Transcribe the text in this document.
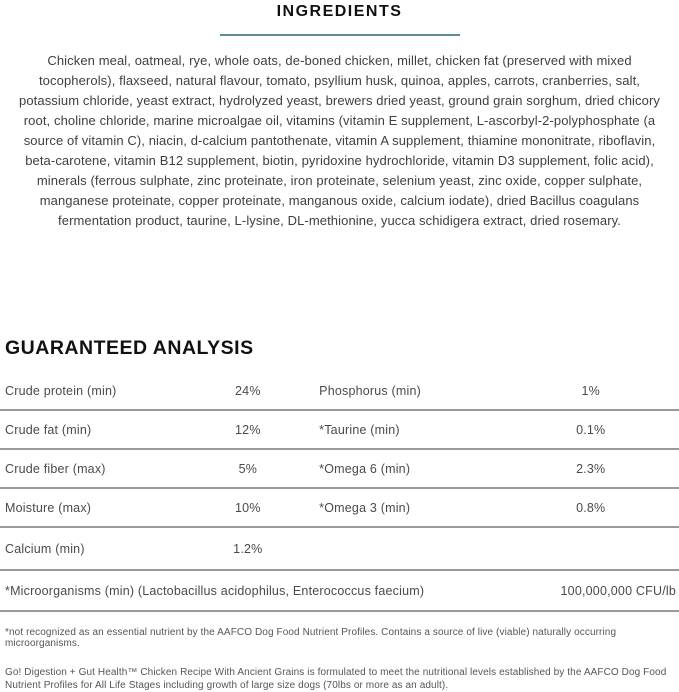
INGREDIENTS

Chicken meal, oatmeal, rye, whole oats, de-boned chicken, millet, chicken fat (preserved with mixed tocopherols), flaxseed, natural flavour, tomato, psyllium husk, quinoa, apples, carrots, cranberries, salt, potassium chloride, yeast extract, hydrolyzed yeast, brewers dried yeast, ground grain sorghum, dried chicory root, choline chloride, marine microalgae oil, vitamins (vitamin E supplement, L-ascorbyl-2-polyphosphate (a source of vitamin C), niacin, d-calcium pantothenate, vitamin A supplement, thiamine mononitrate, riboflavin, beta-carotene, vitamin B12 supplement, biotin, pyridoxine hydrochloride, vitamin D3 supplement, folic acid), minerals (ferrous sulphate, zinc proteinate, iron proteinate, selenium yeast, zinc oxide, copper sulphate, manganese proteinate, copper proteinate, manganous oxide, calcium iodate), dried Bacillus coagulans fermentation product, taurine, L-lysine, DL-methionine, yucca schidigera extract, dried rosemary.

GUARANTEED ANALYSIS
Crude protein (min)	24%	Phosphorus (min)	1%
Crude fat (min)	12%	*Taurine (min)	0.1%
Crude fiber (max)	5%	*Omega 6 (min)	2.3%
Moisture (max)	10%	*Omega 3 (min)	0.8%
Calcium (min)	1.2%		
*Microorganisms (min) (Lactobacillus acidophilus, Enterococcus faecium)			100,000,000 CFU/lb

*not recognized as an essential nutrient by the AAFCO Dog Food Nutrient Profiles. Contains a source of live (viable) naturally occurring microorganisms.

Go! Digestion + Gut Health™ Chicken Recipe With Ancient Grains is formulated to meet the nutritional levels established by the AAFCO Dog Food Nutrient Profiles for All Life Stages including growth of large size dogs (70lbs or more as an adult).
